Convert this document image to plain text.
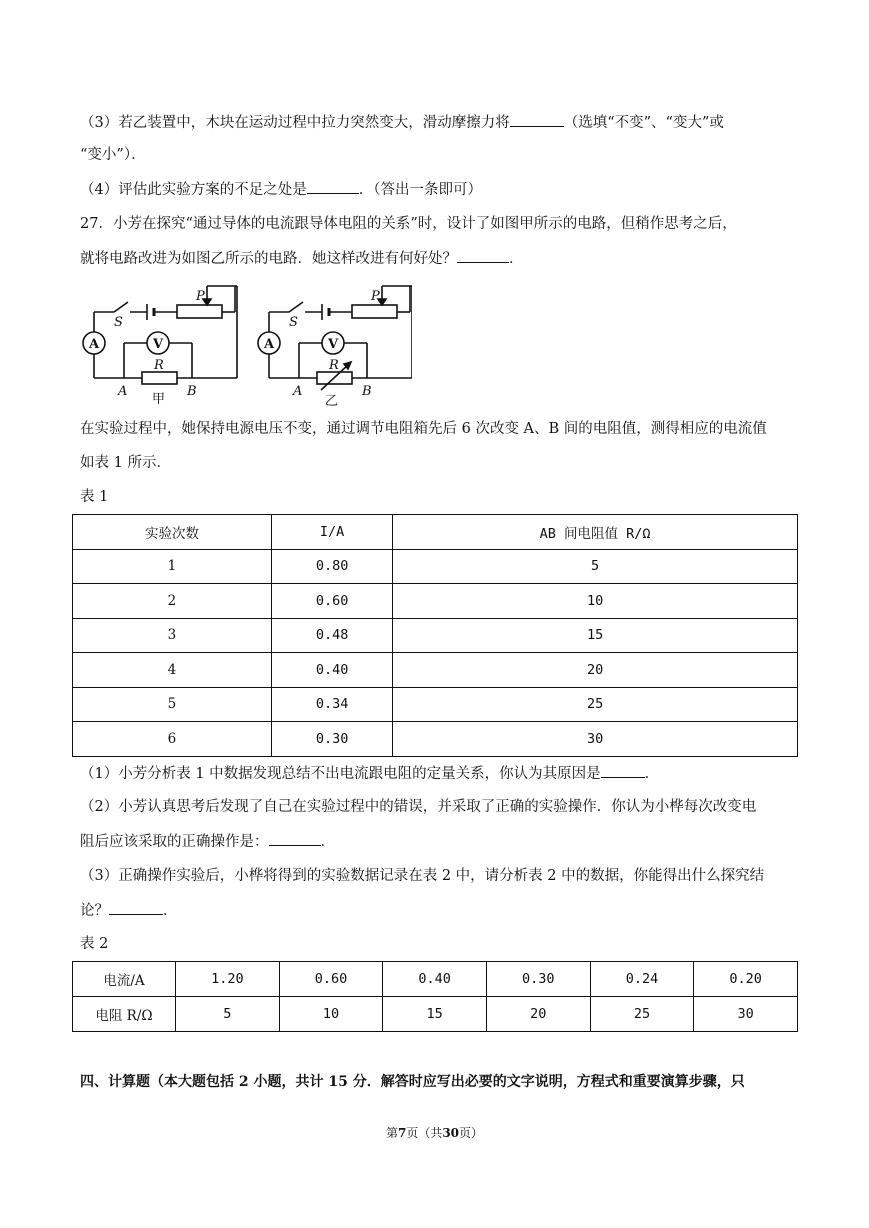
（3）若乙装置中，木块在运动过程中拉力突然变大，滑动摩擦力将	（选填“不变”、“变大”或
“变小”）．
（4）评估此实验方案的不足之处是	．（答出一条即可）
27．小芳在探究“通过导体的电流跟导体电阻的关系”时，设计了如图甲所示的电路，但稍作思考之后，
就将电路改进为如图乙所示的电路．她这样改进有何好处？	．
A	V
S
P
R
A	B
甲
A	V
S
P
R
A	B
乙
在实验过程中，她保持电源电压不变，通过调节电阻箱先后 6 次改变 A、B 间的电阻值，测得相应的电流值
如表 1 所示．
表 1
实验次数	I/A	AB 间电阻值 R/Ω
1	0.80	5
2	0.60	10
3	0.48	15
4	0.40	20
5	0.34	25
6	0.30	30
（1）小芳分析表 1 中数据发现总结不出电流跟电阻的定量关系，你认为其原因是	．
（2）小芳认真思考后发现了自己在实验过程中的错误，并采取了正确的实验操作．你认为小桦每次改变电
阻后应该采取的正确操作是：	．
（3）正确操作实验后，小桦将得到的实验数据记录在表 2 中，请分析表 2 中的数据，你能得出什么探究结
论？	．
表 2
电流/A	1.20	0.60	0.40	0.30	0.24	0.20
电阻 R/Ω	5	10	15	20	25	30
四、计算题（本大题包括 2 小题，共计 15 分．解答时应写出必要的文字说明，方程式和重要演算步骤，只
第7页（共30页）
